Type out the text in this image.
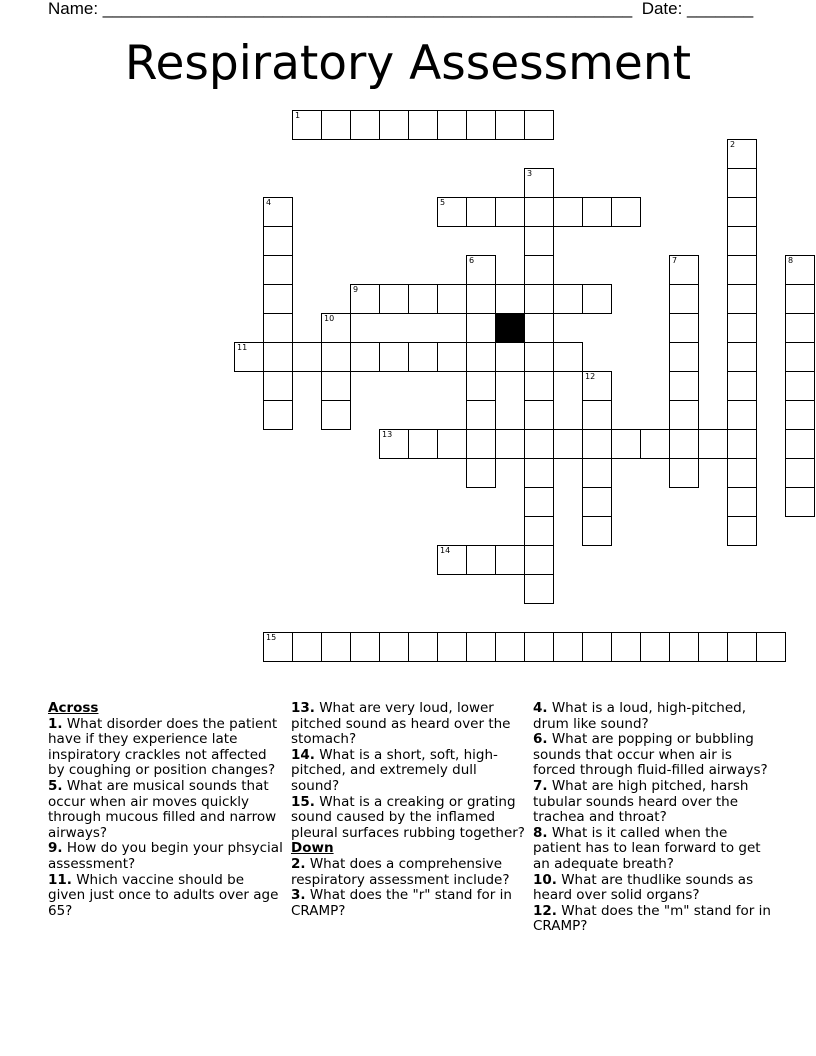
Name: ________________________________________________________  Date: _______
Respiratory Assessment
1
2
3
4	5
6	7	8
9
10
11
12
13
14
15
Across
1. What disorder does the patient have if they experience late inspiratory crackles not affected by coughing or position changes?
5. What are musical sounds that occur when air moves quickly through mucous filled and narrow airways?
9. How do you begin your phsycial assessment?
11. Which vaccine should be given just once to adults over age 65?
13. What are very loud, lower pitched sound as heard over the stomach?
14. What is a short, soft, high-pitched, and extremely dull sound?
15. What is a creaking or grating sound caused by the inflamed pleural surfaces rubbing together?
Down
2. What does a comprehensive respiratory assessment include?
3. What does the "r" stand for in CRAMP?
4. What is a loud, high-pitched, drum like sound?
6. What are popping or bubbling sounds that occur when air is forced through fluid-filled airways?
7. What are high pitched, harsh tubular sounds heard over the trachea and throat?
8. What is it called when the patient has to lean forward to get an adequate breath?
10. What are thudlike sounds as heard over solid organs?
12. What does the "m" stand for in CRAMP?
